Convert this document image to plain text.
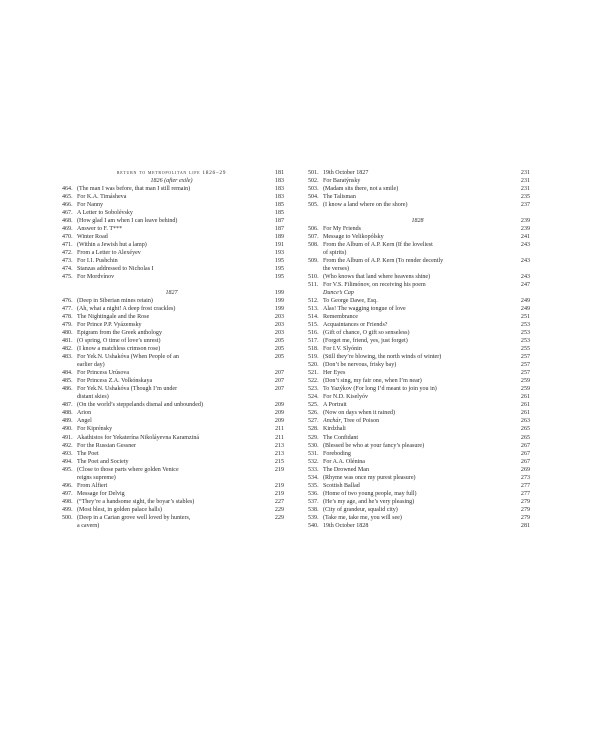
return to metropolitan life 1826–29	181
1826 (after exile)	183
464. (The man I was before, that man I still remain)	183
465. For K.A. Timásheva	183
466. For Nanny	185
467. A Letter to Sobolévsky	185
468. (How glad I am when I can leave behind)	187
469. Answer to F. T***	187
470. Winter Road	189
471. (Within a Jewish hut a lamp)	191
472. From a Letter to Alexéyev	193
473. For I.I. Pushchin	195
474. Stanzas addressed to Nicholas I	195
475. For Mordvínov	195
1827	199
476. (Deep in Siberian mines retain)	199
477. (Ah, what a night! A deep frost crackles)	199
478. The Nightingale and the Rose	203
479. For Prince P.P. Vyázemsky	203
480. Epigram from the Greek anthology	203
481. (O spring, O time of love’s unrest)	205
482. (I know a matchless crimson rose)	205
483. For Yek.N. Ushakóva (When People of an	205
earlier day)
484. For Princess Urúsova	207
485. For Princess Z.A. Volkónskaya	207
486. For Yek.N. Ushakóva (Though I’m under	207
distant skies)
487. (On the world’s steppelands dismal and unbounded)	209
488. Arion	209
489. Angel	209
490. For Kiprénsky	211
491. Akathistos for Yekaterína Nikoláyevna Karamziná	211
492. For the Russian Gessner	213
493. The Poet	213
494. The Poet and Society	215
495. (Close to those parts where golden Venice	219
reigns supreme)
496. From Alfieri	219
497. Message for Delvig	219
498. (“They’re a handsome sight, the boyar’s stables)	227
499. (Most blest, in golden palace halls)	229
500. (Deep in a Carian grove well loved by hunters,	229
a cavern)
501. 19th October 1827	231
502. For Baratýnsky	231
503. (Madam sits there, not a smile)	231
504. The Talisman	235
505. (I know a land where on the shore)	237
1828	239
506. For My Friends	239
507. Message to Velikopólsky	241
508. From the Album of A.P. Kern (If the loveliest	243
of spirits)
509. From the Album of A.P. Kern (To render decently	243
the verses)
510. (Who knows that land where heavens shine)	243
511. For V.S. Filimónov, on receiving his poem	247
Dunce’s Cap
512. To George Dawe, Esq.	249
513. Alas! The wagging tongue of love	249
514. Remembrance	251
515. Acquaintances or Friends?	253
516. (Gift of chance, O gift so senseless)	253
517. (Forget me, friend, yes, just forget)	253
518. For I.V. Slyónin	255
519. (Still they’re blowing, the north winds of winter)	257
520. (Don’t be nervous, frisky bay)	257
521. Her Eyes	257
522. (Don’t sing, my fair one, when I’m near)	259
523. To Yazýkov (For long I’d meant to join you in)	259
524. For N.D. Kiselyóv	261
525. A Portrait	261
526. (Now on days when it rained)	261
527. Anchár, Tree of Poison	263
528. Kirdzhali	265
529. The Confidant	265
530. (Blessed be who at your fancy’s pleasure)	267
531. Foreboding	267
532. For A.A. Olénina	267
533. The Drowned Man	269
534. (Rhyme was once my purest pleasure)	273
535. Scottish Ballad	277
536. (Home of two young people, may full)	277
537. (He’s my age, and he’s very pleasing)	279
538. (City of grandeur, squalid city)	279
539. (Take me, take me, you will see)	279
540. 19th October 1828	281
